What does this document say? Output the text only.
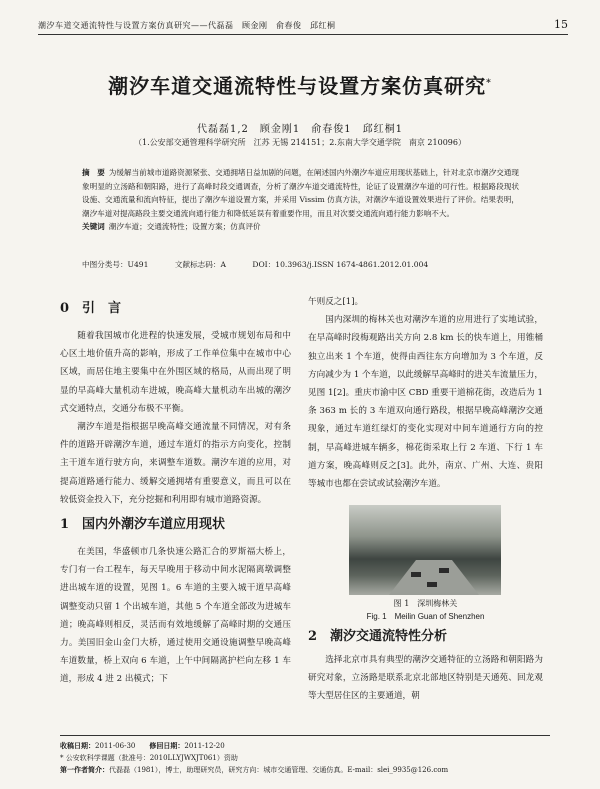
潮汐车道交通流特性与设置方案仿真研究——代磊磊　顾金刚　俞春俊　邱红桐	15
潮汐车道交通流特性与设置方案仿真研究*
代磊磊1,2　顾金刚1　俞春俊1　邱红桐1
（1.公安部交通管理科学研究所　江苏 无锡 214151；2.东南大学交通学院　南京 210096）
摘　要 为缓解当前城市道路资源紧张、交通拥堵日益加剧的问题，在阐述国内外潮汐车道应用现状基础上，针对北京市潮汐交通现象明显的立汤路和朝阳路，进行了高峰时段交通调查，分析了潮汐车道交通流特性，论证了设置潮汐车道的可行性。根据路段现状设施、交通流量和流向特征，提出了潮汐车道设置方案，并采用 Vissim 仿真方法，对潮汐车道设置效果进行了评价。结果表明，潮汐车道对提高路段主要交通流向通行能力和降低延误有着重要作用，而且对次要交通流向通行能力影响不大。
关键词 潮汐车道；交通流特性；设置方案；仿真评价
中图分类号：U491	文献标志码：A	DOI：10.3963/j.ISSN 1674-4861.2012.01.004
0 引　言

随着我国城市化进程的快速发展，受城市规划布局和中心区土地价值升高的影响，形成了工作单位集中在城市中心区域，而居住地主要集中在外围区域的格局，从而出现了明显的早高峰大量机动车进城，晚高峰大量机动车出城的潮汐式交通特点，交通分布极不平衡。

潮汐车道是指根据早晚高峰交通流量不同情况，对有条件的道路开辟潮汐车道，通过车道灯的指示方向变化，控制主干道车道行驶方向，来调整车道数。潮汐车道的应用，对提高道路通行能力、缓解交通拥堵有重要意义，而且可以在较低资金投入下，充分挖掘和利用即有城市道路资源。

1 国内外潮汐车道应用现状

在美国，华盛顿市几条快速公路汇合的罗斯福大桥上，专门有一台工程车，每天早晚用于移动中间水泥隔离墩调整进出城车道的设置，见图 1。6 车道的主要入城干道早高峰调整变动只留 1 个出城车道，其他 5 个车道全部改为进城车道；晚高峰则相反，灵活而有效地缓解了高峰时期的交通压力。美国旧金山金门大桥，通过使用交通设施调整早晚高峰车道数量，桥上双向 6 车道，上午中间隔离护栏向左移 1 车道，形成 4 进 2 出模式；下

午则反之[1]。

国内深圳的梅林关也对潮汐车道的应用进行了实地试验，在早高峰时段梅观路出关方向 2.8 km 长的快车道上，用锥桶独立出来 1 个车道，使得由西往东方向增加为 3 个车道，反方向减少为 1 个车道，以此缓解早高峰时的进关车流量压力，见图 1[2]。重庆市渝中区 CBD 重要干道棉花街，改造后为 1 条 363 m 长的 3 车道双向通行路段，根据早晚高峰潮汐交通现象，通过车道红绿灯的变化实现对中间车道通行方向的控制，早高峰进城车辆多，棉花街采取上行 2 车道、下行 1 车道方案，晚高峰则反之[3]。此外，南京、广州、大连、贵阳等城市也都在尝试或试验潮汐车道。

图 1　深圳梅林关
Fig. 1　Meilin Guan of Shenzhen
2 潮汐交通流特性分析

选择北京市具有典型的潮汐交通特征的立汤路和朝阳路为研究对象，立汤路是联系北京北部地区特别是天通苑、回龙观等大型居住区的主要通道，朝

收稿日期：2011-06-30　　 修回日期：2011-12-20
* 公安软科学课题（批准号：2010LLYJWXJT061）资助
第一作者简介：代磊磊（1981），博士，助理研究员，研究方向：城市交通管理、交通仿真。E-mail：slei_9935@126.com
